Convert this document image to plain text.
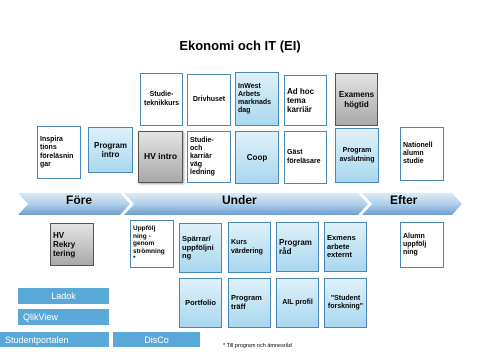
Ekonomi och IT (EI)
Före	Under	Efter
Inspira
tions
föreläsnin
gar
Program
intro
Studie-
teknikkurs
HV intro
Drivhuset
Studie-
och
karriär
väg
ledning
InWest
Arbets
marknads
dag
Coop
Ad hoc
tema
karriär
Gäst
föreläsare
Examens
högtid
Program
avslutning
Nationell
alumn
studie
HV
Rekry
tering
Uppfölj
ning -
genom
strömning
*
Spärrar/
uppföljni
ng
Kurs
värdering
Program
råd
Exmens
arbete
externt
Alumn
uppfölj
ning
Portfolio	Program
träff	AIL profil
"Student
forskning"
Ladok
QlikView
Studentportalen	DisCo
* Till program och ämnesråd
